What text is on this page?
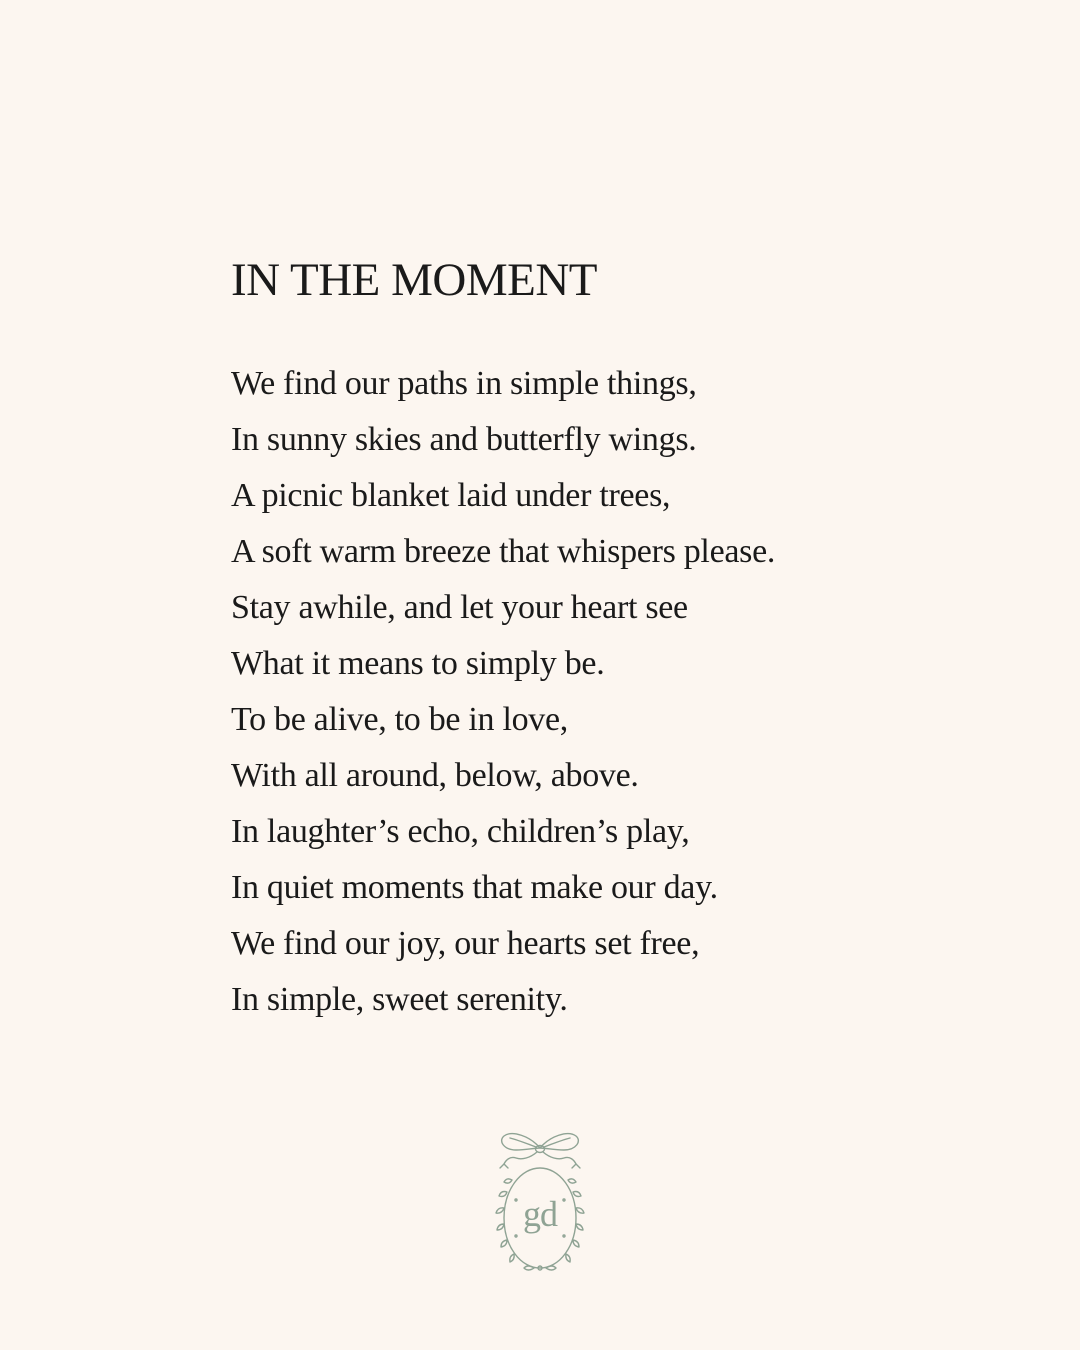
IN THE MOMENT
We find our paths in simple things,
In sunny skies and butterfly wings.
A picnic blanket laid under trees,
A soft warm breeze that whispers please.
Stay awhile, and let your heart see
What it means to simply be.
To be alive, to be in love,
With all around, below, above.
In laughter’s echo, children’s play,
In quiet moments that make our day.
We find our joy, our hearts set free,
In simple, sweet serenity.
gd
